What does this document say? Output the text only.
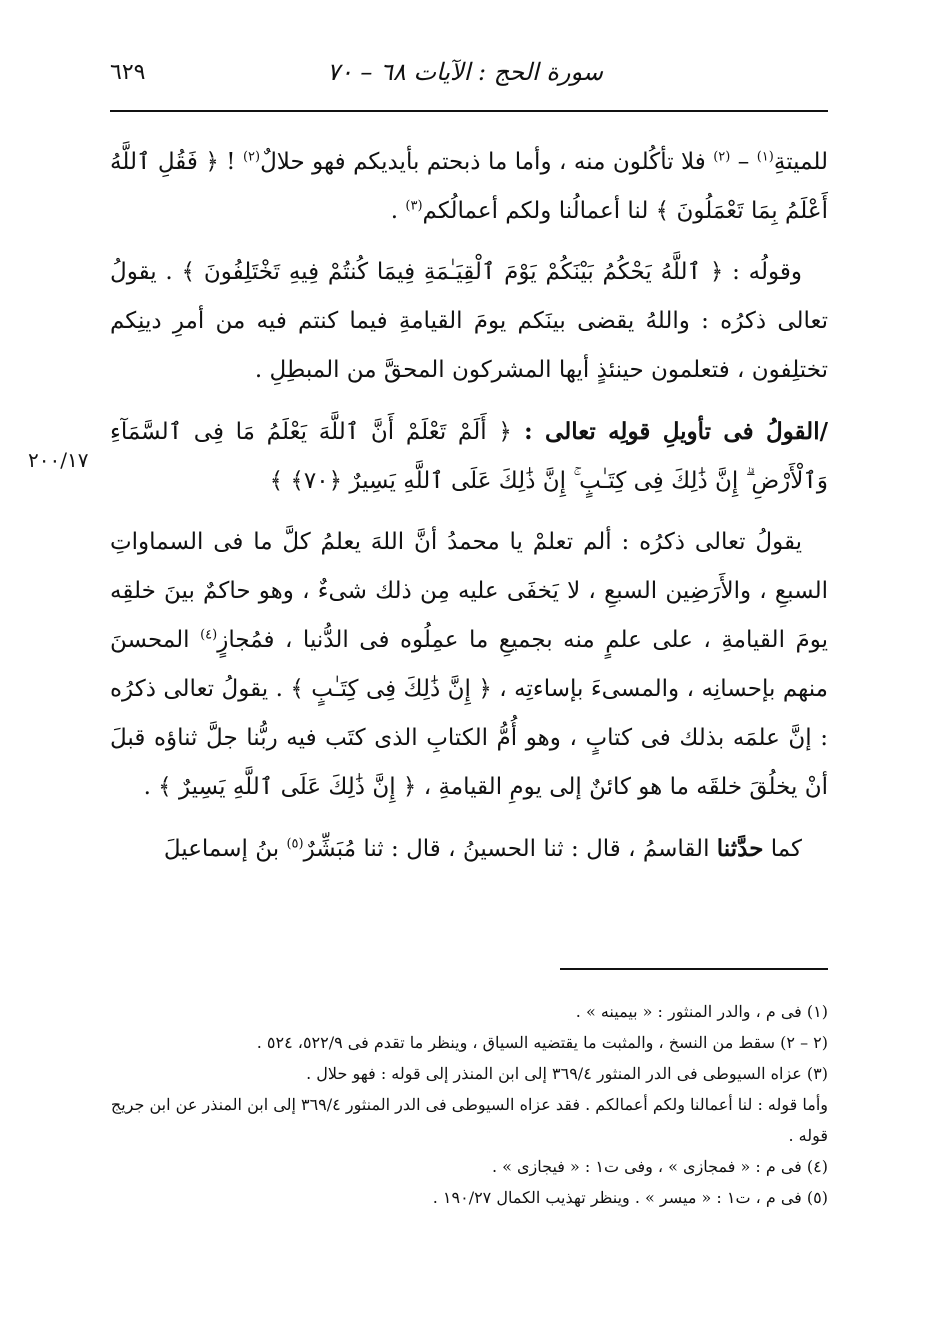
٦٢٩	سورة الحج : الآيات ٦٨ – ٧٠
٢٠٠/١٧

للميتةِ$^{(١)}$ – $^{(٢)}$ فلا تأكُلون منه ، وأما ما ذبحتم بأيديكم فهو حلالٌ$^{(٢)}$ ! ﴿ فَقُلِ ٱللَّهُ أَعْلَمُ بِمَا تَعْمَلُونَ ﴾ لنا أعمالُنا ولكم أعمالُكم$^{(٣)}$ .

وقولُه : ﴿ ٱللَّهُ يَحْكُمُ بَيْنَكُمْ يَوْمَ ٱلْقِيَـٰمَةِ فِيمَا كُنتُمْ فِيهِ تَخْتَلِفُونَ ﴾ . يقولُ تعالى ذكرُه : واللهُ يقضى بينَكم يومَ القيامةِ فيما كنتم فيه من أمرِ دينِكم تختلِفون ، فتعلمون حينئذٍ أيها المشركون المحقَّ من المبطِلِ .

/القولُ فى تأويلِ قولِه تعالى : ﴿ أَلَمْ تَعْلَمْ أَنَّ ٱللَّهَ يَعْلَمُ مَا فِى ٱلسَّمَآءِ وَٱلْأَرْضِ ۗ إِنَّ ذَٰلِكَ فِى كِتَـٰبٍ ۚ إِنَّ ذَٰلِكَ عَلَى ٱللَّهِ يَسِيرٌ ﴿٧٠﴾ ﴾

يقولُ تعالى ذكرُه : ألم تعلمْ يا محمدُ أنَّ اللهَ يعلمُ كلَّ ما فى السماواتِ السبعِ ، والأَرَضِين السبعِ ، لا يَخفَى عليه مِن ذلك شىءٌ ، وهو حاكمٌ بينَ خلقِه يومَ القيامةِ ، على علمٍ منه بجميعِ ما عمِلُوه فى الدُّنيا ، فمُجازٍ$^{(٤)}$ المحسنَ منهم بإحسانِه ، والمسىءَ بإساءتِه ، ﴿ إِنَّ ذَٰلِكَ فِى كِتَـٰبٍ ﴾ . يقولُ تعالى ذكرُه : إنَّ علمَه بذلك فى كتابٍ ، وهو أُمُّ الكتابِ الذى كتَب فيه ربُّنا جلَّ ثناؤه قبلَ أنْ يخلُقَ خلقَه ما هو كائنٌ إلى يومِ القيامةِ ، ﴿ إِنَّ ذَٰلِكَ عَلَى ٱللَّهِ يَسِيرٌ ﴾ .

كما حدَّثنا القاسمُ ، قال : ثنا الحسينُ ، قال : ثنا مُبَشِّرٌ$^{(٥)}$ بنُ إسماعيلَ

(١) فى م ، والدر المنثور : « بيمينه » .
(٢ – ٢) سقط من النسخ ، والمثبت ما يقتضيه السياق ، وينظر ما تقدم فى ٥٢٢/٩، ٥٢٤ .
(٣) عزاه السيوطى فى الدر المنثور ٣٦٩/٤ إلى ابن المنذر إلى قوله : فهو حلال .
وأما قوله : لنا أعمالنا ولكم أعمالكم . فقد عزاه السيوطى فى الدر المنثور ٣٦٩/٤ إلى ابن المنذر عن ابن جريج قوله .
(٤) فى م : « فمجازى » ، وفى ت١ : « فيجازى » .
(٥) فى م ، ت١ : « ميسر » . وينظر تهذيب الكمال ١٩٠/٢٧ .
